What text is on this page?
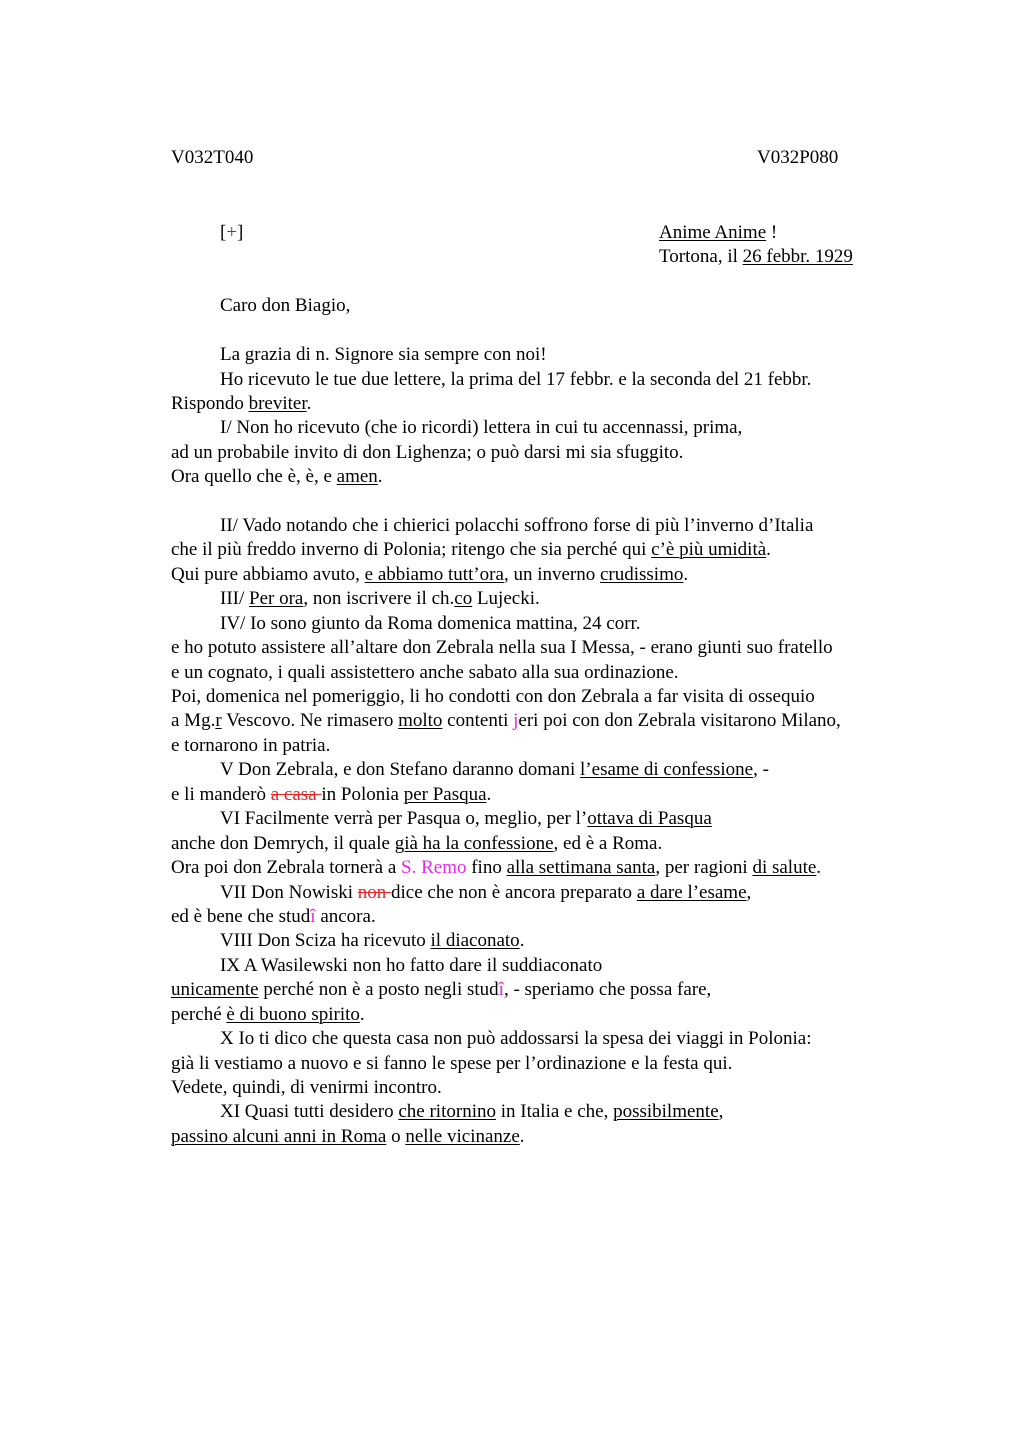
V032T040	V032P080
[+]	Anime Anime !
Tortona, il 26 febbr. 1929
Caro don Biagio,
La grazia di n. Signore sia sempre con noi!
Ho ricevuto le tue due lettere, la prima del 17 febbr. e la seconda del 21 febbr.
Rispondo breviter.
I/ Non ho ricevuto (che io ricordi) lettera in cui tu accennassi, prima,
ad un probabile invito di don Lighenza; o può darsi mi sia sfuggito.
Ora quello che è, è, e amen.
II/ Vado notando che i chierici polacchi soffrono forse di più l’inverno d’Italia
che il più freddo inverno di Polonia; ritengo che sia perché qui c’è più umidità.
Qui pure abbiamo avuto, e abbiamo tutt’ora, un inverno crudissimo.
III/ Per ora, non iscrivere il ch.co Lujecki.
IV/ Io sono giunto da Roma domenica mattina, 24 corr.
e ho potuto assistere all’altare don Zebrala nella sua I Messa, - erano giunti suo fratello
e un cognato, i quali assistettero anche sabato alla sua ordinazione.
Poi, domenica nel pomeriggio, li ho condotti con don Zebrala a far visita di ossequio
a Mg.r Vescovo. Ne rimasero molto contenti jeri poi con don Zebrala visitarono Milano,
e tornarono in patria.
V Don Zebrala, e don Stefano daranno domani l’esame di confessione, -
e li manderò a casa in Polonia per Pasqua.
VI Facilmente verrà per Pasqua o, meglio, per l’ottava di Pasqua
anche don Demrych, il quale già ha la confessione, ed è a Roma.
Ora poi don Zebrala tornerà a S. Remo fino alla settimana santa, per ragioni di salute.
VII Don Nowiski non dice che non è ancora preparato a dare l’esame,
ed è bene che studî ancora.
VIII Don Sciza ha ricevuto il diaconato.
IX A Wasilewski non ho fatto dare il suddiaconato
unicamente perché non è a posto negli studî, - speriamo che possa fare,
perché è di buono spirito.
X Io ti dico che questa casa non può addossarsi la spesa dei viaggi in Polonia:
già li vestiamo a nuovo e si fanno le spese per l’ordinazione e la festa qui.
Vedete, quindi, di venirmi incontro.
XI Quasi tutti desidero che ritornino in Italia e che, possibilmente,
passino alcuni anni in Roma o nelle vicinanze.
